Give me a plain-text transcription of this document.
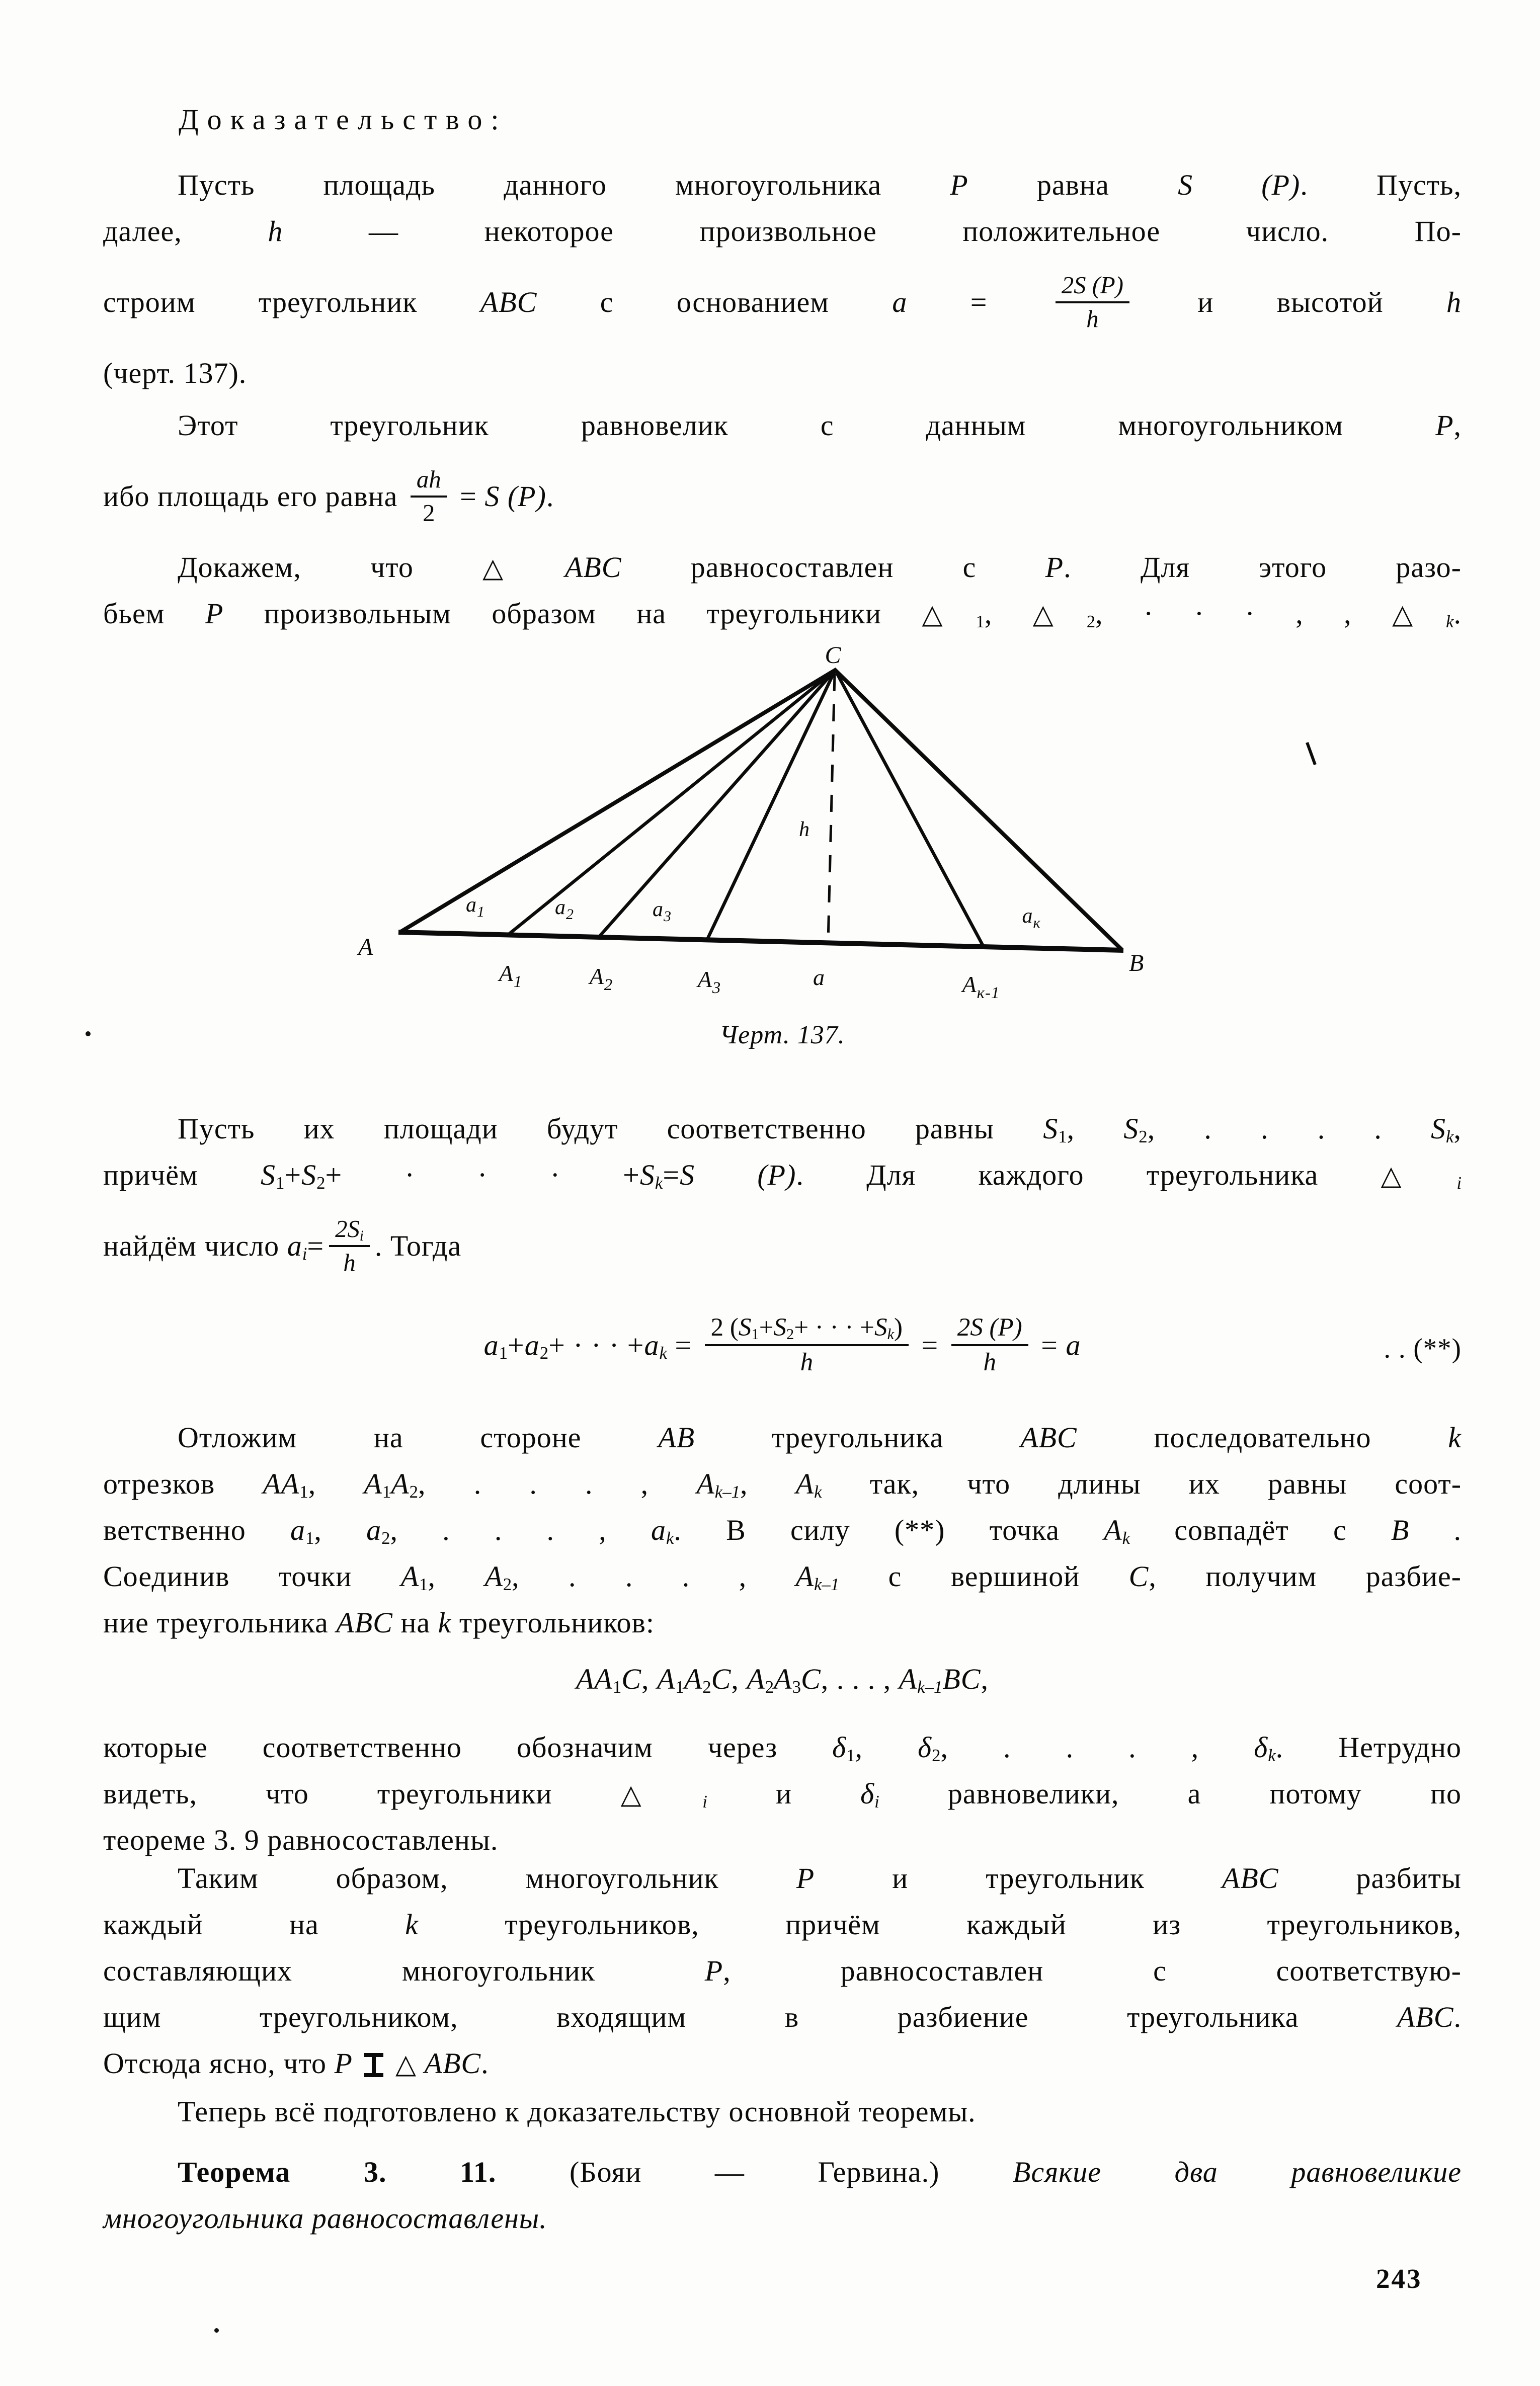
Доказательство:
Пусть площадь данного многоугольника P равна S (P). Пусть,
далее, h — некоторое произвольное положительное число. По-
строим треугольник ABC с основанием $a = \frac{2S (P)}{h}$ и высотой h
(черт. 137).
Этот треугольник равновелик с данным многоугольником P,
ибо площадь его равна $\frac{ah}{2} = S$ (P).
Докажем, что △ABC равносоставлен с P. Для этого разо-
бьем P произвольным образом на треугольники △1, △2, · · · , , △k.
C
A
B
h
a
$A_1$	$A_2$	$A_3$	$A_{к-1}$
$a_1$	$a_2$	$a_3$	$a_к$
Черт. 137.
Пусть их площади будут соответственно равны S1, S2, . . . . Sk,
причём S1+S2+ · · · +Sk=S (P). Для каждого треугольника △i
найдём число $ai= \frac{2Si}{h}$ . Тогда
a1+a2+ · · · $+ak = \frac{2 (S1+S2+ \cdot \cdot \cdot +Sk)}{h} = \frac{2S (P)}{h} = a$	. . (**)
Отложим на стороне AB треугольника ABC последовательно k
отрезков AA1, A1A2, . . . , Ak–1, Ak так, что длины их равны соот-
ветственно a1, a2, . . . , ak. В силу (**) точка Ak совпадёт с B .
Соединив точки A1, A2, . . . , Ak–1 с вершиной C, получим разбие-
ние треугольника ABC на k треугольников:
AA1C, A1A2C, A2A3C, . . . , Ak–1BC,
которые соответственно обозначим через δ1, δ2, . . . , δk. Нетрудно
видеть, что треугольники △i и δi равновелики, а потому по
теореме 3. 9 равносоставлены.
Таким образом, многоугольник P и треугольник ABC разбиты
каждый на k треугольников, причём каждый из треугольников,
составляющих многоугольник P, равносоставлен с соответствую-
щим треугольником, входящим в разбиение треугольника ABC.
Отсюда ясно, что P △ ABC.
Теперь всё подготовлено к доказательству основной теоремы.
Теорема 3. 11. (Бояи — Гервина.) Всякие два равновеликие
многоугольника равносоставлены.
243
